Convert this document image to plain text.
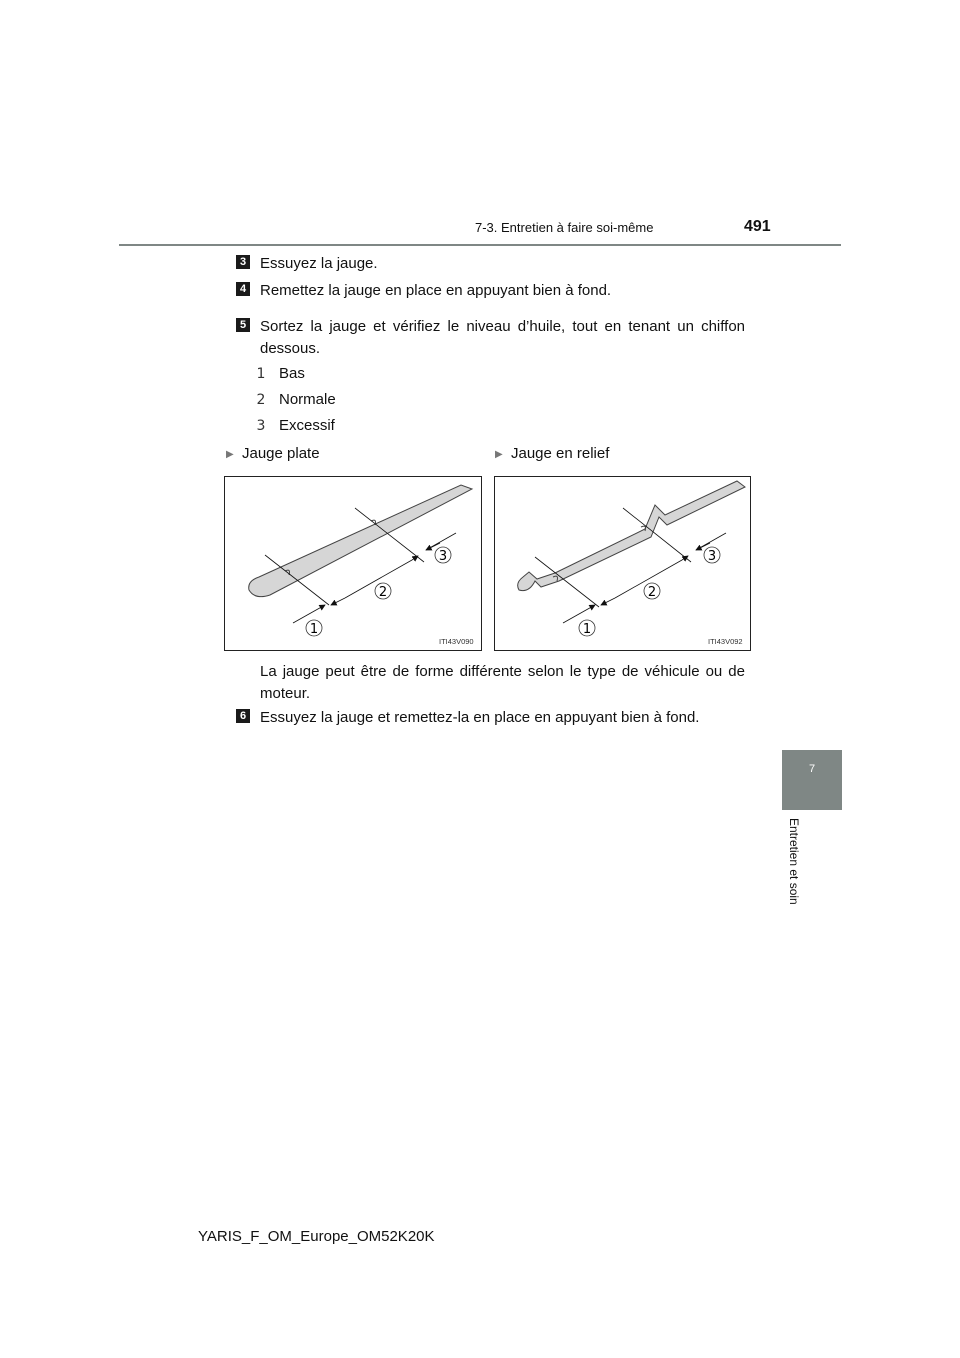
7-3. Entretien à faire soi-même	491
7
Entretien et soin
3 Essuyez la jauge.
4 Remettez la jauge en place en appuyant bien à fond.
5 Sortez la jauge et vérifiez le niveau d’huile, tout en tenant un chiffon
dessous.
1 Bas
2 Normale
3 Excessif
▶ Jauge plate	▶ Jauge en relief
1
2
3
ITI43V090
1
2
3
ITI43V092
La jauge peut être de forme différente selon le type de véhicule ou de
moteur.
6 Essuyez la jauge et remettez-la en place en appuyant bien à fond.
YARIS_F_OM_Europe_OM52K20K
